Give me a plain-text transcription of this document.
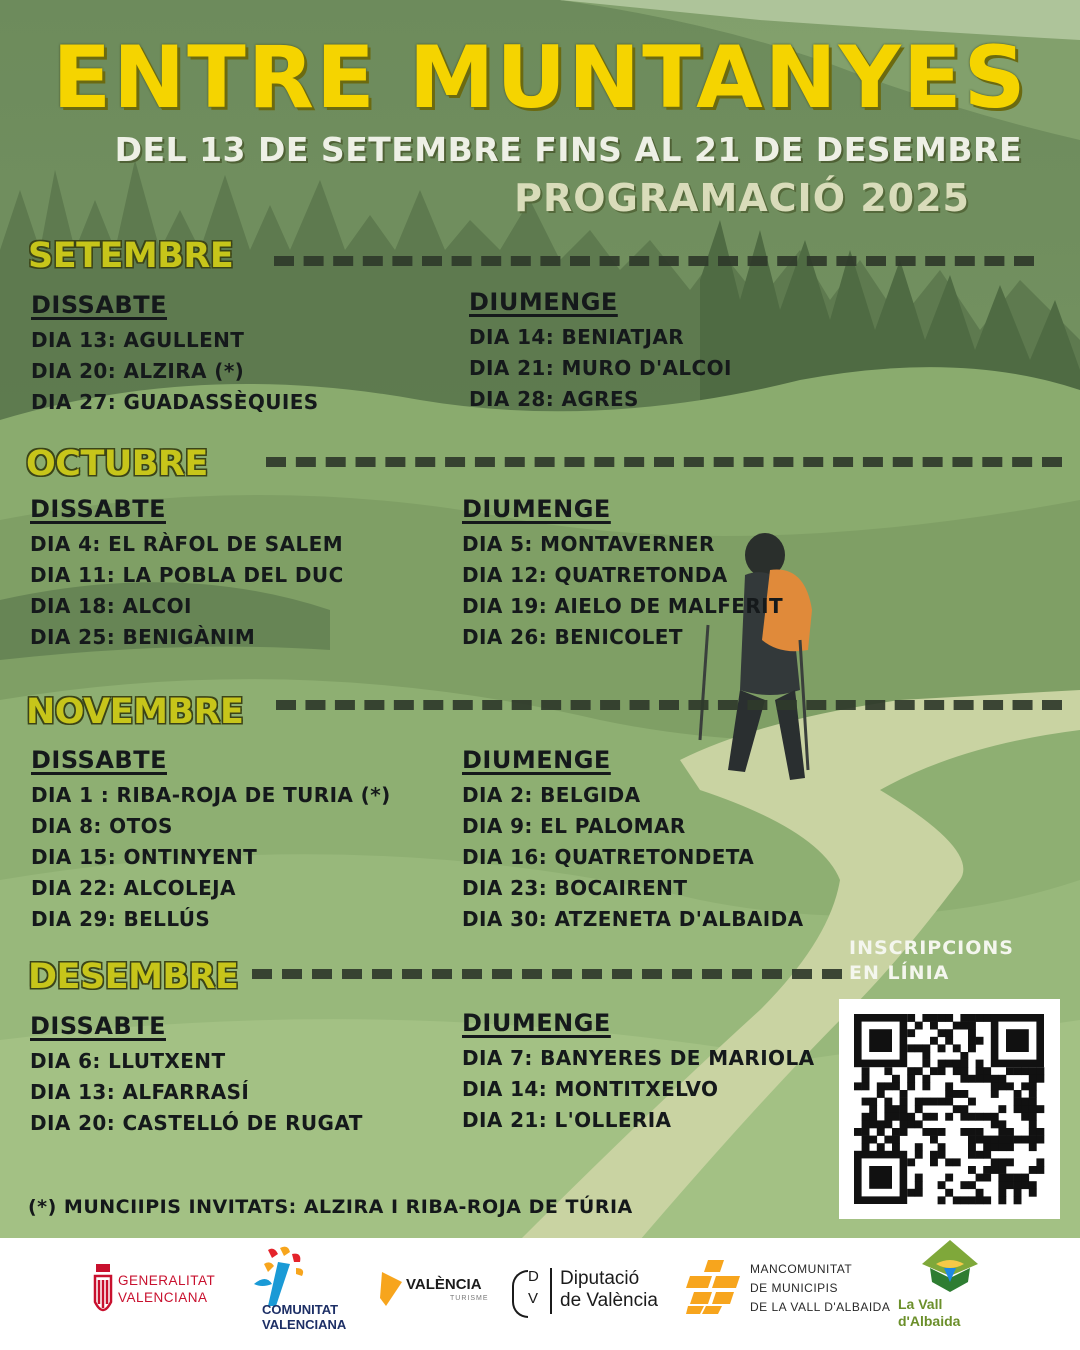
ENTRE MUNTANYES
DEL 13 DE SETEMBRE FINS AL 21 DE DESEMBRE
PROGRAMACIÓ 2025
SETEMBRE
DISSABTE
DIA 13: AGULLENT
DIA 20: ALZIRA (*)
DIA 27: GUADASSÈQUIES
DIUMENGE
DIA 14: BENIATJAR
DIA 21: MURO D'ALCOI
DIA 28: AGRES
OCTUBRE
DISSABTE
DIA 4: EL RÀFOL DE SALEM
DIA 11: LA POBLA DEL DUC
DIA 18: ALCOI
DIA 25: BENIGÀNIM
DIUMENGE
DIA 5: MONTAVERNER
DIA 12: QUATRETONDA
DIA 19: AIELO DE MALFERIT
DIA 26: BENICOLET
NOVEMBRE
DISSABTE
DIA 1 : RIBA-ROJA DE TURIA (*)
DIA 8: OTOS
DIA 15: ONTINYENT
DIA 22: ALCOLEJA
DIA 29: BELLÚS
DIUMENGE
DIA 2: BELGIDA
DIA 9: EL PALOMAR
DIA 16: QUATRETONDETA
DIA 23: BOCAIRENT
DIA 30: ATZENETA D'ALBAIDA
DESEMBRE
DISSABTE
DIA 6: LLUTXENT
DIA 13: ALFARRASÍ
DIA 20: CASTELLÓ DE RUGAT
DIUMENGE
DIA 7: BANYERES DE MARIOLA
DIA 14: MONTITXELVO
DIA 21: L'OLLERIA
INSCRIPCIONS
EN LÍNIA
(*) MUNCIIPIS INVITATS: ALZIRA I RIBA-ROJA DE TÚRIA
GENERALITAT
VALENCIANA
COMUNITAT
VALENCIANA
VALÈNCIA
TURISME
D
V
Diputació
de València
MANCOMUNITAT
DE MUNICIPIS
DE LA VALL D'ALBAIDA La Vall
d'Albaida
